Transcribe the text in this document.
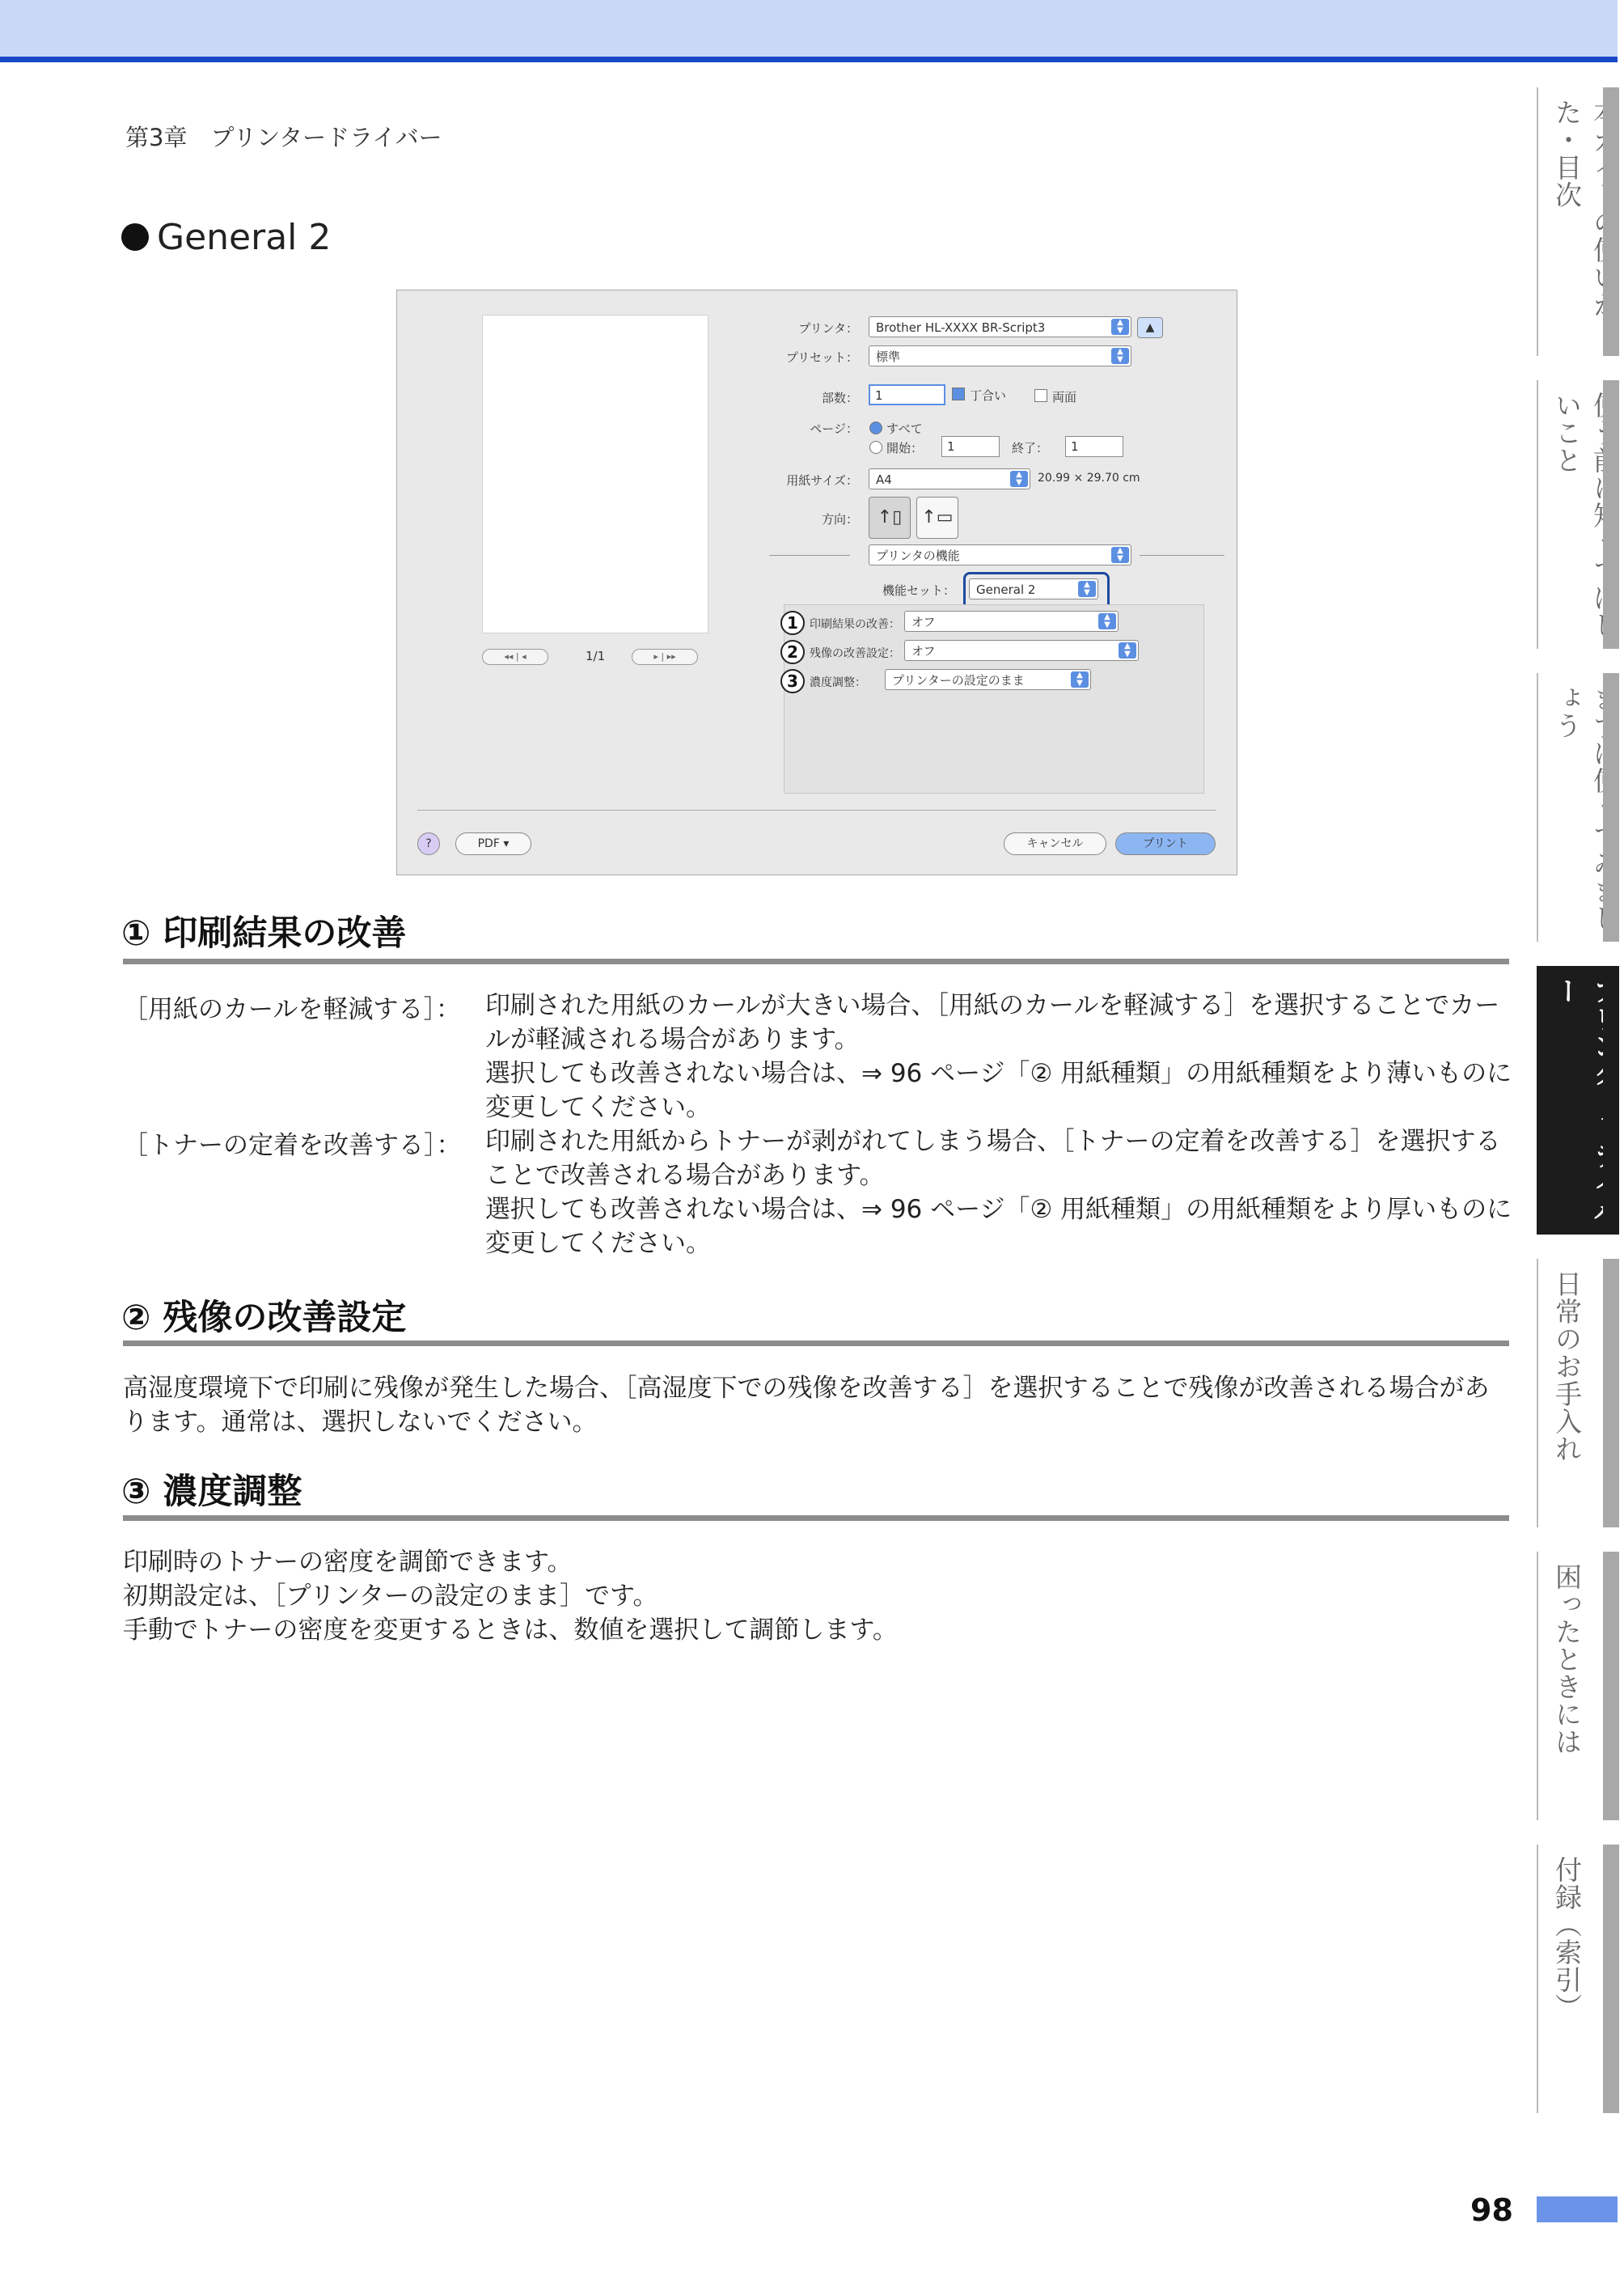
第3章　プリンタードライバー
General 2
◂◂ | ◂	1/1	▸ | ▸▸
プリンタ：	Brother HL-XXXX BR-Script3	▲
▼	▲
プリセット：	標準	▲
▼
部数：	1	丁合い	両面
ページ： すべて
開始：	1	終了：	1
用紙サイズ：	A4	▲
▼	20.99 × 29.70 cm
方向：	↑▯	↑▭
プリンタの機能	▲
▼
機能セット：	General 2	▲
▼
1	印刷結果の改善： オフ	▲
▼
2	残像の改善設定： オフ	▲
▼
3	濃度調整：	プリンターの設定のまま	▲
▼
?	PDF ▾	キャンセル	プリント
① 印刷結果の改善
［用紙のカールを軽減する］： 印刷された用紙のカールが大きい場合、［用紙のカールを軽減する］を選択することでカールが軽減される場合があります。
選択しても改善されない場合は、⇒ 96 ページ「② 用紙種類」の用紙種類をより薄いものに変更してください。
［トナーの定着を改善する］： 印刷された用紙からトナーが剥がれてしまう場合、［トナーの定着を改善する］を選択することで改善される場合があります。
選択しても改善されない場合は、⇒ 96 ページ「② 用紙種類」の用紙種類をより厚いものに変更してください。
② 残像の改善設定
高湿度環境下で印刷に残像が発生した場合、［高湿度下での残像を改善する］を選択することで残像が改善される場合があります。通常は、選択しないでください。
③ 濃度調整
印刷時のトナーの密度を調節できます。
初期設定は、［プリンターの設定のまま］です。
手動でトナーの密度を変更するときは、数値を選択して調節します。
た・目次
いこと
ょう
ー
日常のお手入れ
困ったときには
付録（索引）
98
